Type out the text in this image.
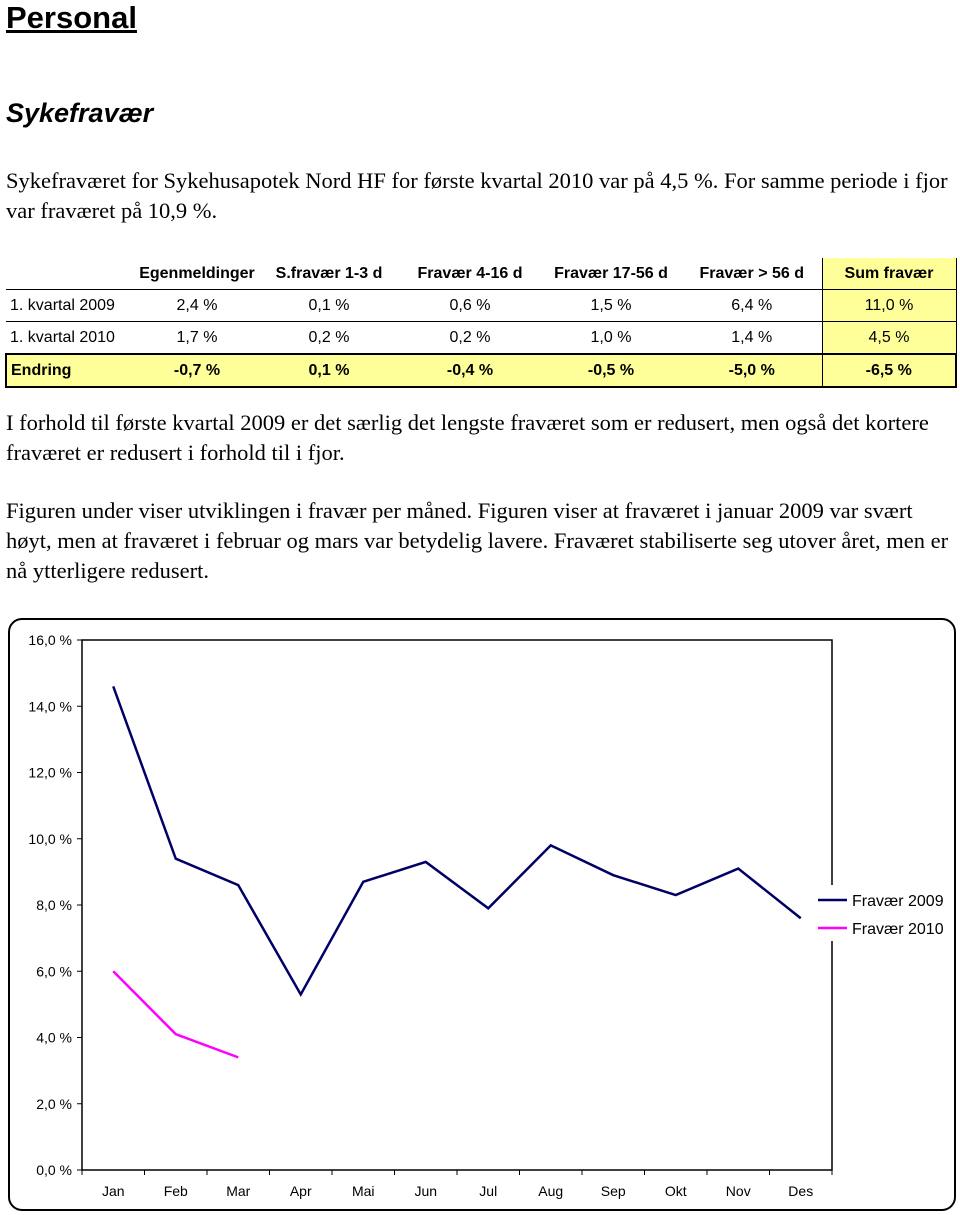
Personal
Sykefravær

Sykefraværet for Sykehusapotek Nord HF for første kvartal 2010 var på 4,5 %. For samme periode i fjor var fraværet på 10,9 %.

	Egenmeldinger	S.fravær 1-3 d	Fravær 4-16 d	Fravær 17-56 d	Fravær > 56 d	Sum fravær
1. kvartal 2009	2,4 %	0,1 %	0,6 %	1,5 %	6,4 %	11,0 %
1. kvartal 2010	1,7 %	0,2 %	0,2 %	1,0 %	1,4 %	4,5 %
Endring	-0,7 %	0,1 %	-0,4 %	-0,5 %	-5,0 %	-6,5 %

I forhold til første kvartal 2009 er det særlig det lengste fraværet som er redusert, men også det kortere fraværet er redusert i forhold til i fjor.

Figuren under viser utviklingen i fravær per måned. Figuren viser at fraværet i januar 2009 var svært høyt, men at fraværet i februar og mars var betydelig lavere. Fraværet stabiliserte seg utover året, men er nå ytterligere redusert.

0,0 %
2,0 %
4,0 %
6,0 %
8,0 %
10,0 %
12,0 %
14,0 %
16,0 %
Jan	Feb	Mar	Apr	Mai	Jun	Jul	Aug	Sep	Okt	Nov	Des
Fravær 2009
Fravær 2010
